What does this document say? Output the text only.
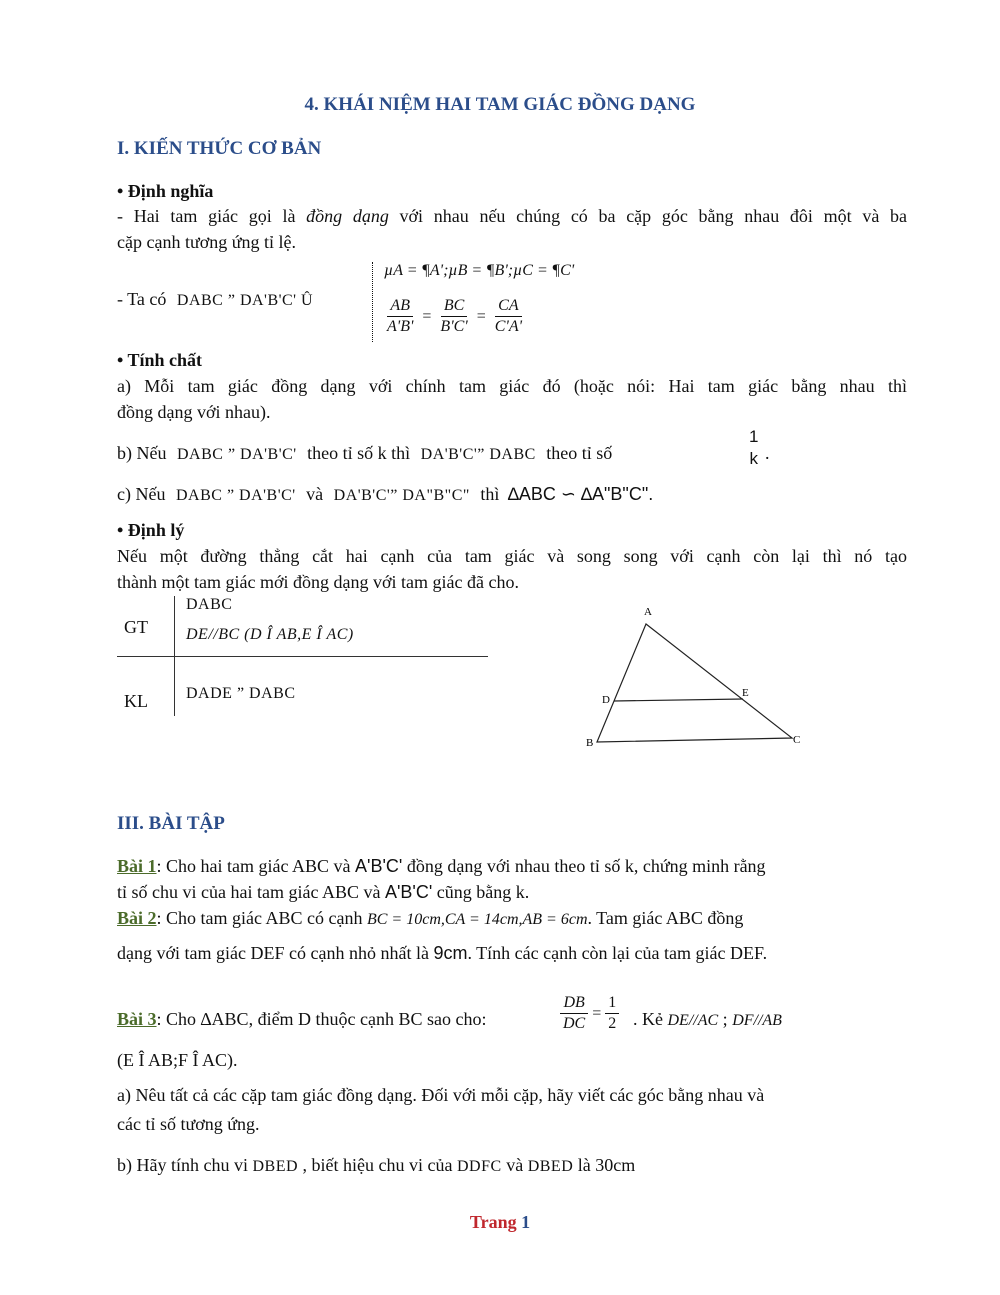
4. KHÁI NIỆM HAI TAM GIÁC ĐỒNG DẠNG
I. KIẾN THỨC CƠ BẢN
• Định nghĩa
- Hai tam giác gọi là đồng dạng với nhau nếu chúng có ba cặp góc bằng nhau đôi một và ba
cặp cạnh tương ứng tỉ lệ.
- Ta có DABC ” DA'B'C' Û
µA = ¶A';µB = ¶B';µC = ¶C'
$\frac{AB}{A'B'} = \frac{BC}{B'C'} = \frac{CA}{C'A'}$
• Tính chất
a) Mỗi tam giác đồng dạng với chính tam giác đó (hoặc nói: Hai tam giác bằng nhau thì
đồng dạng với nhau).
b) Nếu DABC ” DA'B'C' theo tỉ số k thì DA'B'C'” DABC theo tỉ số
1
k .
c) Nếu DABC ” DA'B'C' và DA'B'C'” DA"B"C" thì ∆ABC ∽ ∆A"B"C".
• Định lý
Nếu một đường thẳng cắt hai cạnh của tam giác và song song với cạnh còn lại thì nó tạo
thành một tam giác mới đồng dạng với tam giác đã cho.
GT
KL
DABC
DE//BC (D Î AB,E Î AC)
DADE ” DABC
A
D
E
B	C
III. BÀI TẬP
Bài 1: Cho hai tam giác ABC và A'B'C' đồng dạng với nhau theo tỉ số k, chứng minh rằng
tỉ số chu vi của hai tam giác ABC và A'B'C' cũng bằng k.
Bài 2: Cho tam giác ABC có cạnh BC = 10cm,CA = 14cm,AB = 6cm. Tam giác ABC đồng
dạng với tam giác DEF có cạnh nhỏ nhất là 9cm. Tính các cạnh còn lại của tam giác DEF.
Bài 3: Cho ∆ABC, điểm D thuộc cạnh BC sao cho:	$\frac{DB}{DC} = \frac{1}{2}$ . Kẻ DE//AC ; DF//AB
(E Î AB;F Î AC).
a) Nêu tất cả các cặp tam giác đồng dạng. Đối với mỗi cặp, hãy viết các góc bằng nhau và
các tỉ số tương ứng.
b) Hãy tính chu vi DBED , biết hiệu chu vi của DDFC và DBED là 30cm
Trang 1
